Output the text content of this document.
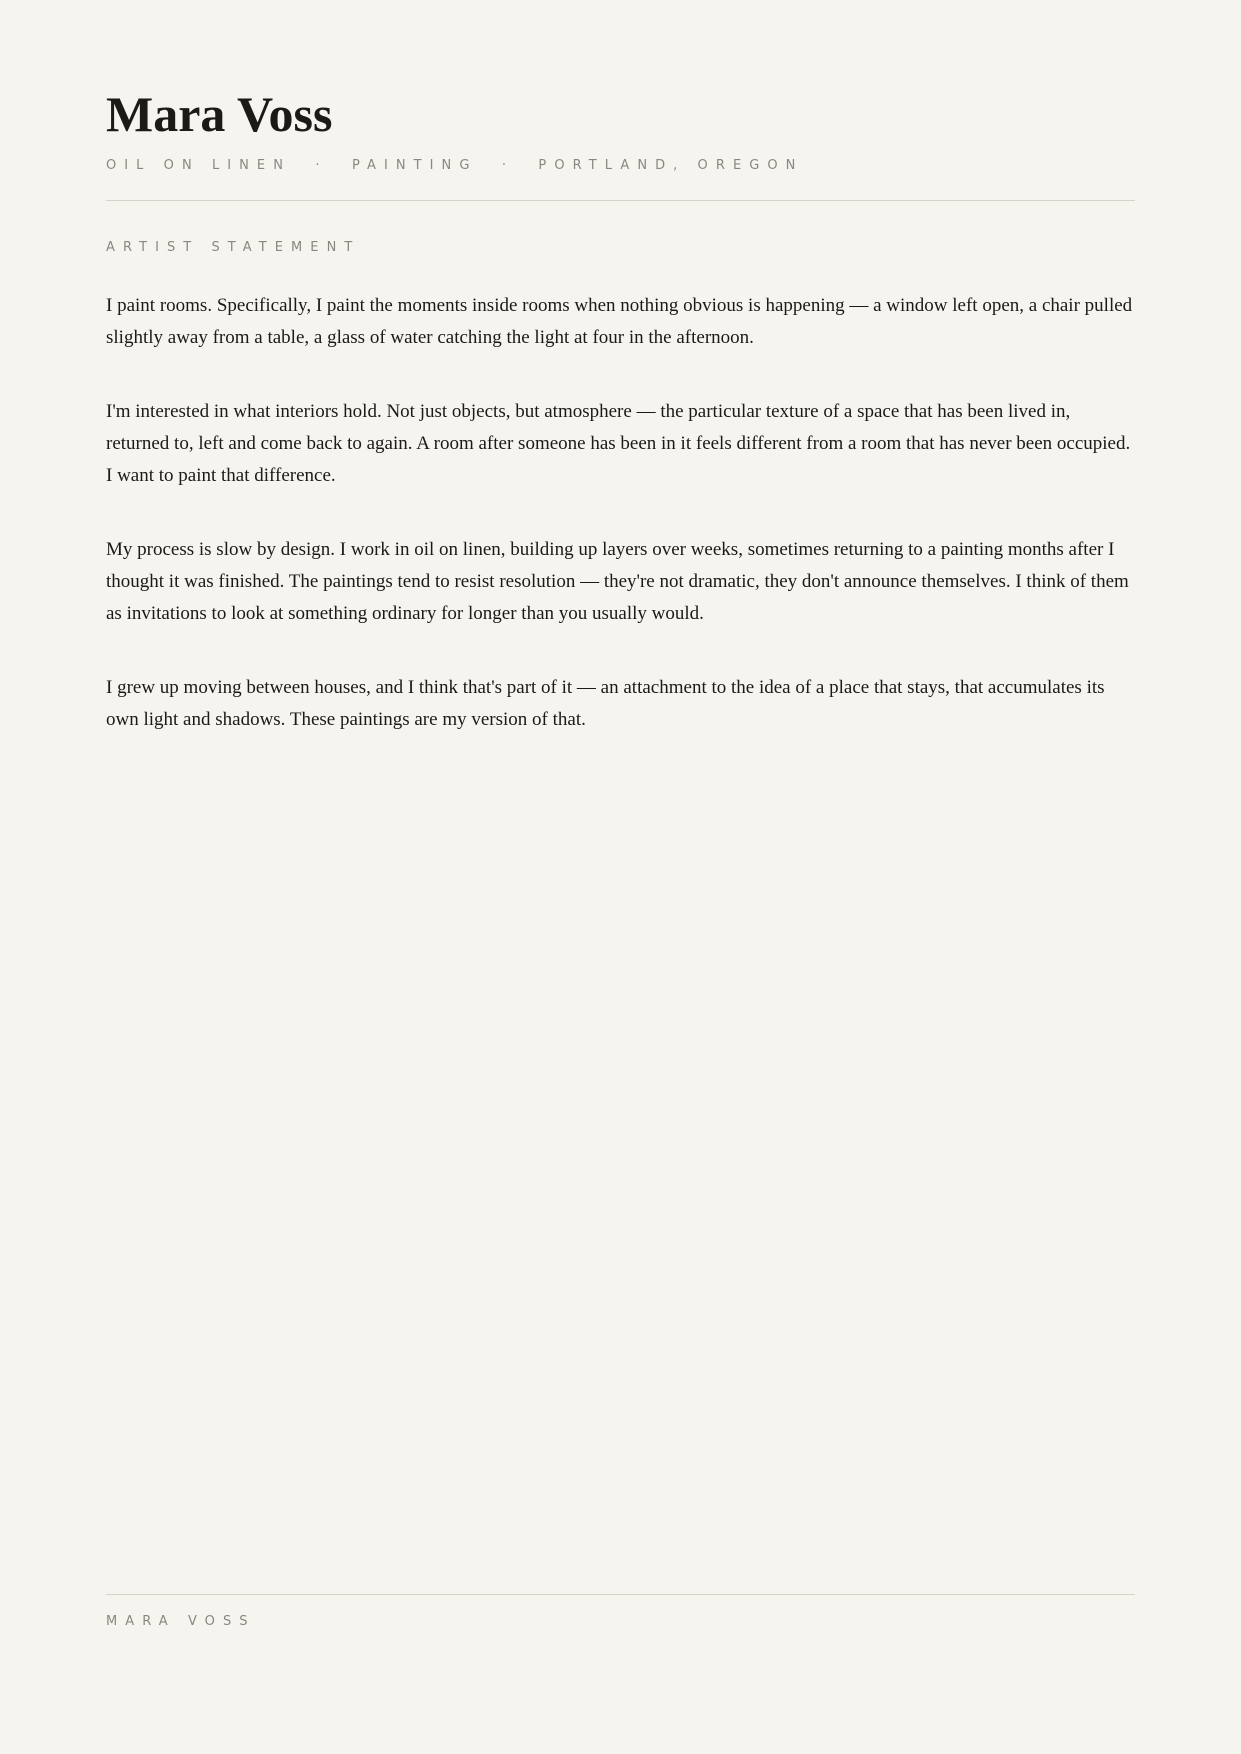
Mara Voss
OIL ON LINEN  ·  PAINTING  ·  PORTLAND, OREGON
ARTIST STATEMENT

I paint rooms. Specifically, I paint the moments inside rooms when nothing obvious is happening — a window left open, a chair pulled slightly away from a table, a glass of water catching the light at four in the afternoon.

I'm interested in what interiors hold. Not just objects, but atmosphere — the particular texture of a space that has been lived in, returned to, left and come back to again. A room after someone has been in it feels different from a room that has never been occupied. I want to paint that difference.

My process is slow by design. I work in oil on linen, building up layers over weeks, sometimes returning to a painting months after I thought it was finished. The paintings tend to resist resolution — they're not dramatic, they don't announce themselves. I think of them as invitations to look at something ordinary for longer than you usually would.

I grew up moving between houses, and I think that's part of it — an attachment to the idea of a place that stays, that accumulates its own light and shadows. These paintings are my version of that.

MARA VOSS
